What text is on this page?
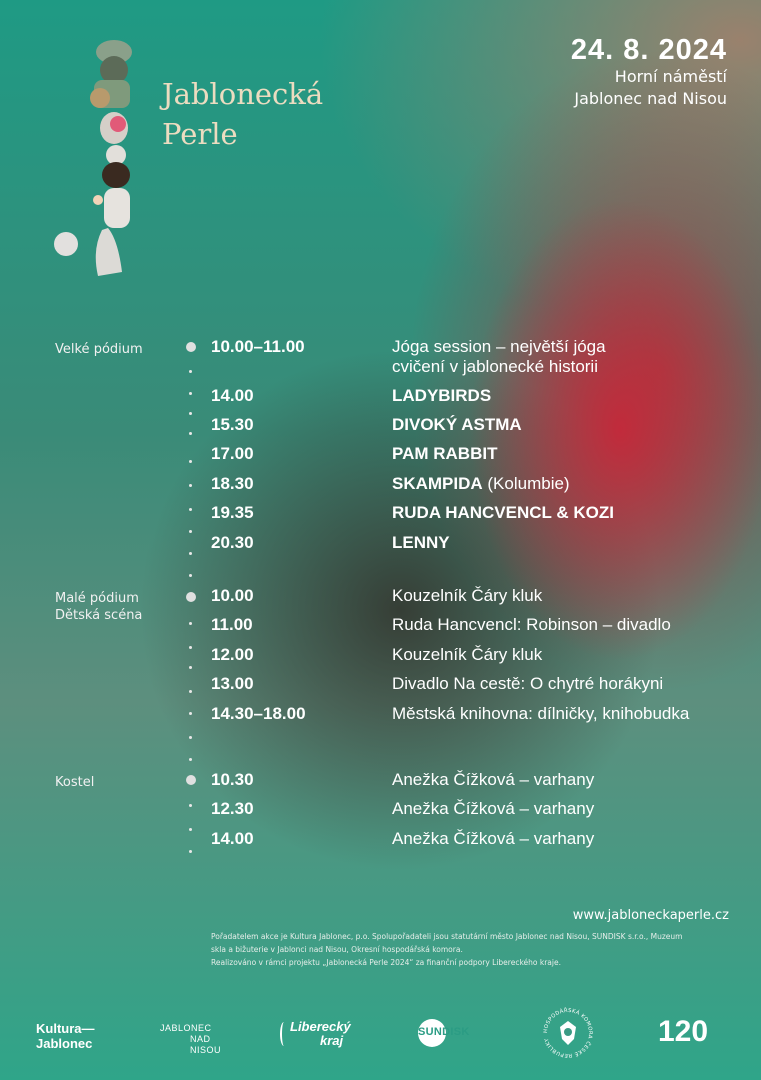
24. 8. 2024
Horní náměstí
Jablonec nad Nisou
Jablonecká
Perle
Velké pódium	10.00–11.00	Jóga session – největší jóga
cvičení v jablonecké historii
14.00	LADYBIRDS
15.30	DIVOKÝ ASTMA
17.00	PAM RABBIT
18.30	SKAMPIDA (Kolumbie)
19.35	RUDA HANCVENCL & KOZI
20.30	LENNY
Malé pódium
Dětská scéna
10.00	Kouzelník Čáry kluk
11.00	Ruda Hancvencl: Robinson – divadlo
12.00	Kouzelník Čáry kluk
13.00	Divadlo Na cestě: O chytré horákyni
14.30–18.00	Městská knihovna: dílničky, knihobudka
Kostel	10.30	Anežka Čížková – varhany
12.30	Anežka Čížková – varhany
14.00	Anežka Čížková – varhany
www.jabloneckaperle.cz
Pořadatelem akce je Kultura Jablonec, p.o. Spolupořadateli jsou statutární město Jablonec nad Nisou, SUNDISK s.r.o., Muzeum
skla a bižuterie v Jablonci nad Nisou, Okresní hospodářská komora.
Realizováno v rámci projektu „Jablonecká Perle 2024“ za finanční podpory Libereckého kraje.
Kultura—
Jablonec
JABLONEC
NAD
NISOU
Liberecký
kraj
SUNDISK	HOSPODÁŘSKÁ KOMORA ČESKÉ REPUBLIKY	120
